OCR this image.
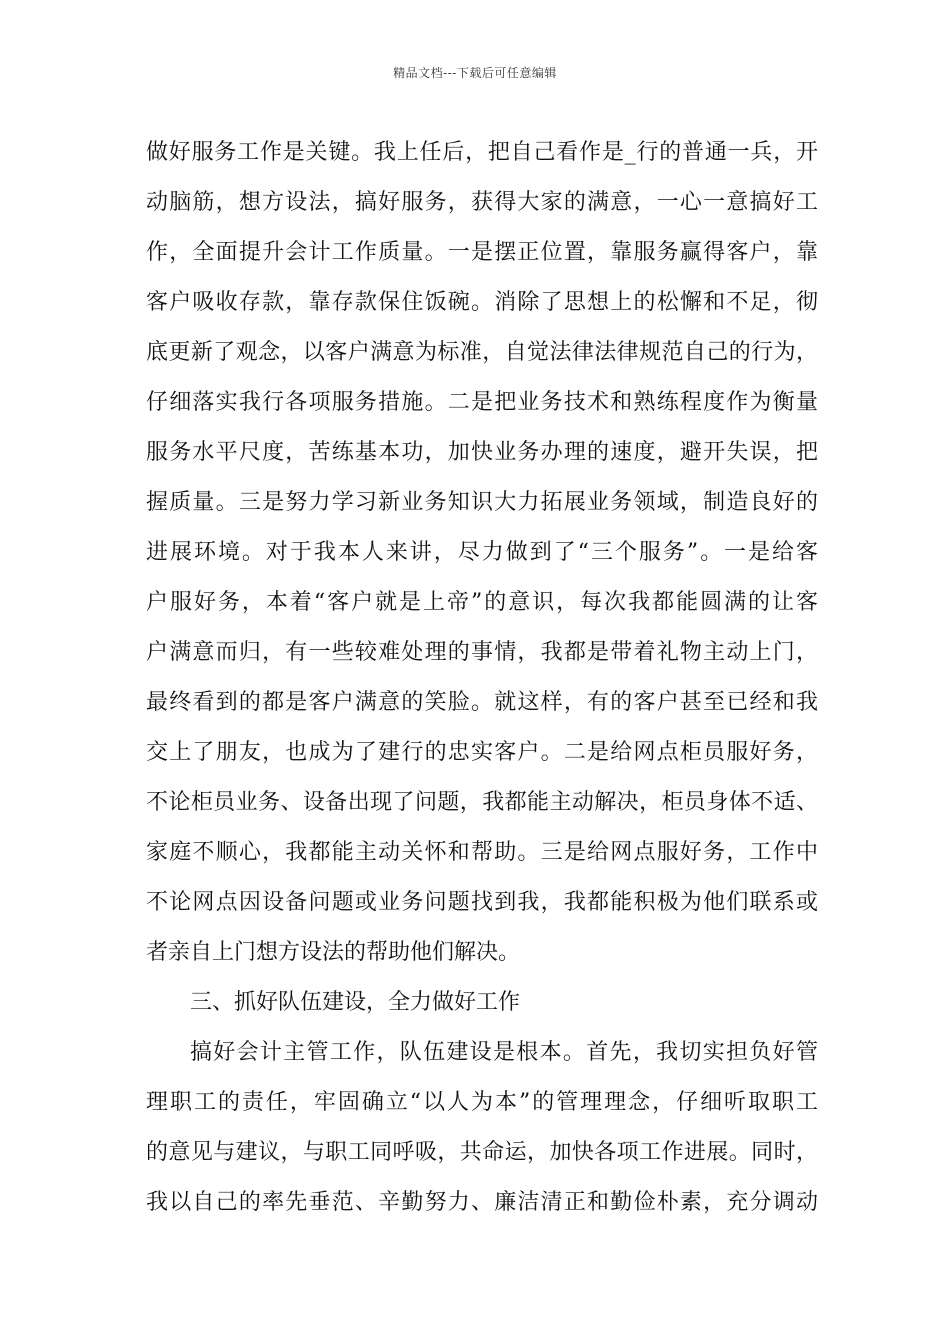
精品文档---下载后可任意编辑
做好服务工作是关键。我上任后，把自己看作是_行的普通一兵，开
动脑筋，想方设法，搞好服务，获得大家的满意，一心一意搞好工
作，全面提升会计工作质量。一是摆正位置，靠服务赢得客户，靠
客户吸收存款，靠存款保住饭碗。消除了思想上的松懈和不足，彻
底更新了观念，以客户满意为标准，自觉法律法律规范自己的行为，
仔细落实我行各项服务措施。二是把业务技术和熟练程度作为衡量
服务水平尺度，苦练基本功，加快业务办理的速度，避开失误，把
握质量。三是努力学习新业务知识大力拓展业务领域，制造良好的
进展环境。对于我本人来讲，尽力做到了“三个服务”。一是给客
户服好务，本着“客户就是上帝”的意识，每次我都能圆满的让客
户满意而归，有一些较难处理的事情，我都是带着礼物主动上门，
最终看到的都是客户满意的笑脸。就这样，有的客户甚至已经和我
交上了朋友，也成为了建行的忠实客户。二是给网点柜员服好务，
不论柜员业务、设备出现了问题，我都能主动解决，柜员身体不适、
家庭不顺心，我都能主动关怀和帮助。三是给网点服好务，工作中
不论网点因设备问题或业务问题找到我，我都能积极为他们联系或
者亲自上门想方设法的帮助他们解决。
三、抓好队伍建设，全力做好工作
搞好会计主管工作，队伍建设是根本。首先，我切实担负好管
理职工的责任，牢固确立“以人为本”的管理理念，仔细听取职工
的意见与建议，与职工同呼吸，共命运，加快各项工作进展。同时，
我以自己的率先垂范、辛勤努力、廉洁清正和勤俭朴素，充分调动
